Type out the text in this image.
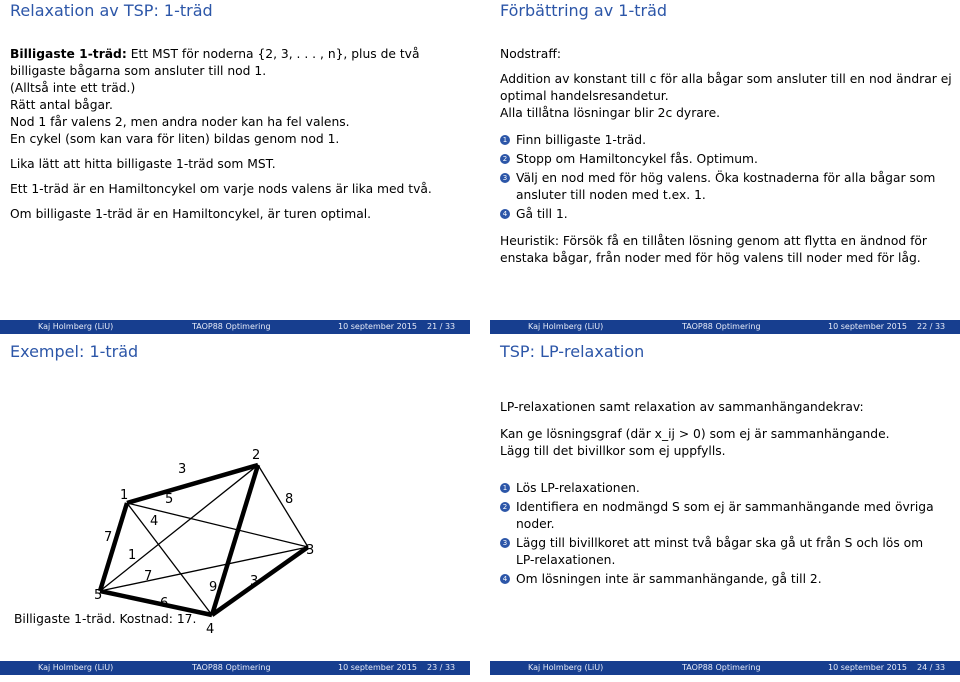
Relaxation av TSP: 1-träd

Billigaste 1-träd: Ett MST för noderna {2, 3, . . . , n}, plus de två

billigaste bågarna som ansluter till nod 1.

(Alltså inte ett träd.)

Rätt antal bågar.

Nod 1 får valens 2, men andra noder kan ha fel valens.

En cykel (som kan vara för liten) bildas genom nod 1.

Lika lätt att hitta billigaste 1-träd som MST.

Ett 1-träd är en Hamiltoncykel om varje nods valens är lika med två.

Om billigaste 1-träd är en Hamiltoncykel, är turen optimal.

Kaj Holmberg (LiU)	TAOP88 Optimering	10 september 2015 21 / 33
Förbättring av 1-träd

Nodstraff:

Addition av konstant till c för alla bågar som ansluter till en nod ändrar ej

optimal handelsresandetur.

Alla tillåtna lösningar blir 2c dyrare.

1 Finn billigaste 1-träd.
2 Stopp om Hamiltoncykel fås. Optimum.
3 Välj en nod med för hög valens. Öka kostnaderna för alla bågar som
ansluter till noden med t.ex. 1.
4 Gå till 1.

Heuristik: Försök få en tillåten lösning genom att flytta en ändnod för

enstaka bågar, från noder med för hög valens till noder med för låg.

Kaj Holmberg (LiU)	TAOP88 Optimering	10 september 2015 22 / 33
Exempel: 1-träd
1
2
3
4
5
3
5	8
4
7
1
7
9	3
6
Billigaste 1-träd. Kostnad: 17.
Kaj Holmberg (LiU)	TAOP88 Optimering	10 september 2015 23 / 33
TSP: LP-relaxation

LP-relaxationen samt relaxation av sammanhängandekrav:

Kan ge lösningsgraf (där x_ij > 0) som ej är sammanhängande.

Lägg till det bivillkor som ej uppfylls.

1 Lös LP-relaxationen.
2 Identifiera en nodmängd S som ej är sammanhängande med övriga
noder.
3 Lägg till bivillkoret att minst två bågar ska gå ut från S och lös om
LP-relaxationen.
4 Om lösningen inte är sammanhängande, gå till 2.
Kaj Holmberg (LiU)	TAOP88 Optimering	10 september 2015 24 / 33
